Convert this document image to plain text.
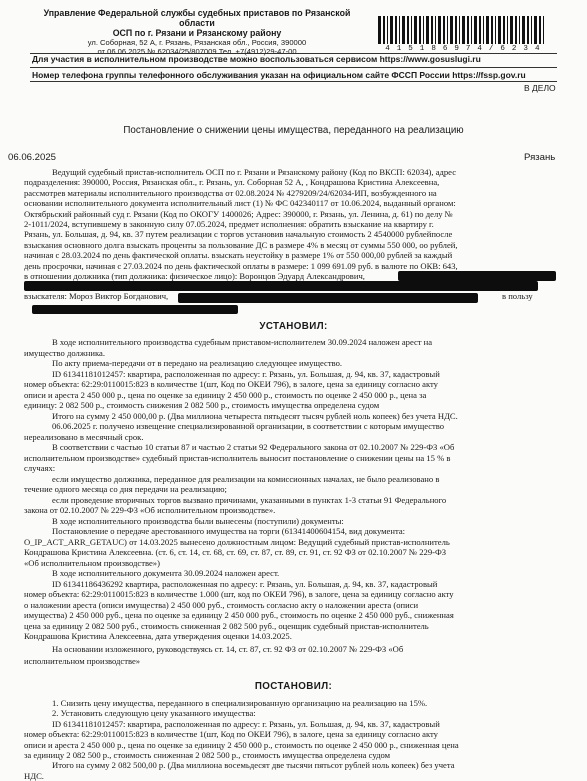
Управление Федеральной службы судебных приставов по Рязанской области
ОСП по г. Рязани и Рязанскому району
ул. Соборная, 52 А, г. Рязань, Рязанская обл., Россия, 390000
от 06.06.2025 № 62034/25/807009 Тел. +7(4912)29-47-00	4 1 5 1 8 6 9 7 4 / 6 2 3 4
Для участия в исполнительном производстве можно воспользоваться сервисом https://www.gosuslugi.ru
Номер телефона группы телефонного обслуживания указан на официальном сайте ФССП России https://fssp.gov.ru
В ДЕЛО
Постановление о снижении цены имущества, переданного на реализацию
06.06.2025	Рязань
Ведущий судебный пристав-исполнитель ОСП по г. Рязани и Рязанскому району (Код по ВКСП: 62034), адрес
подразделения: 390000, Россия, Рязанская обл., г. Рязань, ул. Соборная 52 А, , Кондрашова Кристина Алексеевна,
рассмотрев материалы исполнительного производства от 02.08.2024 № 4279209/24/62034-ИП, возбужденного на
основании исполнительного документа исполнительный лист (1) № ФС 042340117 от 10.06.2024, выданный органом:
Октябрьский районный суд г. Рязани (Код по ОКОГУ 1400026; Адрес: 390000, г. Рязань, ул. Ленина, д. 61) по делу №
2-1011/2024, вступившему в законную силу 07.05.2024, предмет исполнения: обратить взыскание на квартиру г.
Рязань, ул. Большая, д. 94, кв. 37 путем реализации с торгов установив начальную стоимость 2 4540000 рублейпосле
взыскания основного долга взыскать проценты за пользование ДС в размере 4% в месяц от суммы 550 000, оо рублей,
начиная с 28.03.2024 по день фактической оплаты. взыскать неустойку в размере 1% от 550 000,00 рублей за каждый
день просрочки, начиная с 27.03.2024 по день фактической оплаты в размере: 1 099 691.09 руб. в валюте по ОКВ: 643,
в отношении должника (тип должника: физическое лицо): Воронцов Эдуард Александрович,
взыскателя: Мороз Виктор Богданович,	в пользу
УСТАНОВИЛ:
В ходе исполнительного производства судебным приставом-исполнителем 30.09.2024 наложен арест на
имущество должника.
По акту приема-передачи от в передано на реализацию следующее имущество.
ID 61341181012457: квартира, расположенная по адресу: г. Рязань, ул. Большая, д. 94, кв. 37, кадастровый
номер объекта: 62:29:0110015:823 в количестве 1(шт, Код по ОКЕИ 796), в залоге, цена за единицу согласно акту
описи и ареста 2 450 000 р., цена по оценке за единицу 2 450 000 р., стоимость по оценке 2 450 000 р., цена за
единицу: 2 082 500 р., стоимость снижения 2 082 500 р., стоимость имущества определена судом
Итого на сумму 2 450 000,00 р. (Два миллиона четыреста пятьдесят тысяч рублей ноль копеек) без учета НДС.
06.06.2025 г. получено извещение специализированной организации, в соответствии с которым имущество
нереализовано в месячный срок.
В соответствии с частью 10 статьи 87 и частью 2 статьи 92 Федерального закона от 02.10.2007 № 229-ФЗ «Об
исполнительном производстве» судебный пристав-исполнитель выносит постановление о снижении цены на 15 % в
случаях:
если имущество должника, переданное для реализации на комиссионных началах, не было реализовано в
течение одного месяца со дня передачи на реализацию;
если проведение вторичных торгов вызвано причинами, указанными в пунктах 1-3 статьи 91 Федерального
закона от 02.10.2007 № 229-ФЗ «Об исполнительном производстве».
В ходе исполнительного производства были вынесены (поступили) документы:
Постановление о передаче арестованного имущества на торги (61341400604154, вид документа:
O_IP_ACT_ARR_GETAUC) от 14.03.2025 вынесено должностным лицом: Ведущий судебный пристав-исполнитель
Кондрашова Кристина Алексеевна. (ст. 6, ст. 14, ст. 68, ст. 69, ст. 87, ст. 89, ст. 91, ст. 92 ФЗ от 02.10.2007 № 229-ФЗ
«Об исполнительном производстве»)
В ходе исполнительного документа 30.09.2024 наложен арест.
ID 61341186436292 квартира, расположенная по адресу: г. Рязань, ул. Большая, д. 94, кв. 37, кадастровый
номер объекта: 62:29:0110015:823 в количестве 1.000 (шт, код по ОКЕИ 796), в залоге, цена за единицу согласно акту
о наложении ареста (описи имущества) 2 450 000 руб., стоимость согласно акту о наложении ареста (описи
имущества) 2 450 000 руб., цена по оценке за единицу 2 450 000 руб., стоимость по оценке 2 450 000 руб., сниженная
цена за единицу 2 082 500 руб., стоимость сниженная 2 082 500 руб., оценщик судебный пристав-исполнитель
Кондрашова Кристина Алексеевна, дата утверждения оценки 14.03.2025.
На основании изложенного, руководствуясь ст. 14, ст. 87, ст. 92 ФЗ от 02.10.2007 № 229-ФЗ «Об
исполнительном производстве»
ПОСТАНОВИЛ:
1. Снизить цену имущества, переданного в специализированную организацию на реализацию на 15%.
2. Установить следующую цену указанного имущества:
ID 61341181012457: квартира, расположенная по адресу: г. Рязань, ул. Большая, д. 94, кв. 37, кадастровый
номер объекта: 62:29:0110015:823 в количестве 1(шт, Код по ОКЕИ 796), в залоге, цена за единицу согласно акту
описи и ареста 2 450 000 р., цена по оценке за единицу 2 450 000 р., стоимость по оценке 2 450 000 р., сниженная цена
за единицу 2 082 500 р., стоимость сниженная 2 082 500 р., стоимость имущества определена судом
Итого на сумму 2 082 500,00 р. (Два миллиона восемьдесят две тысячи пятьсот рублей ноль копеек) без учета
НДС.
